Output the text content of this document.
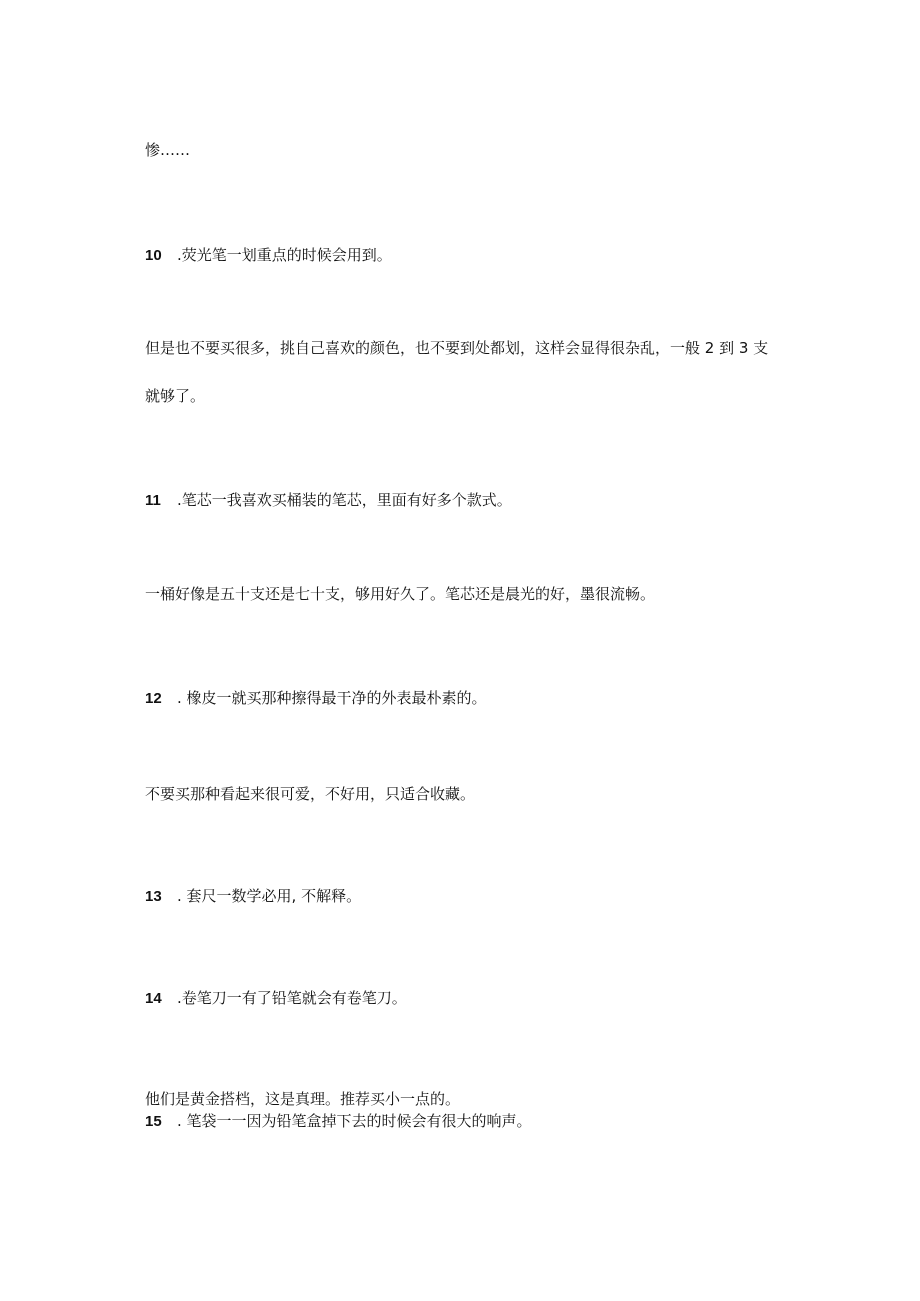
惨……
10 .荧光笔一划重点的时候会用到。
但是也不要买很多，挑自己喜欢的颜色，也不要到处都划，这样会显得很杂乱，一般 2 到 3 支
就够了。
11 .笔芯一我喜欢买桶装的笔芯，里面有好多个款式。
一桶好像是五十支还是七十支，够用好久了。笔芯还是晨光的好，墨很流畅。
12 . 橡皮一就买那种擦得最干净的外表最朴素的。
不要买那种看起来很可爱，不好用，只适合收藏。
13 . 套尺一数学必用, 不解释。
14 .卷笔刀一有了铅笔就会有卷笔刀。
他们是黄金搭档，这是真理。推荐买小一点的。
15 . 笔袋一一因为铅笔盒掉下去的时候会有很大的响声。
